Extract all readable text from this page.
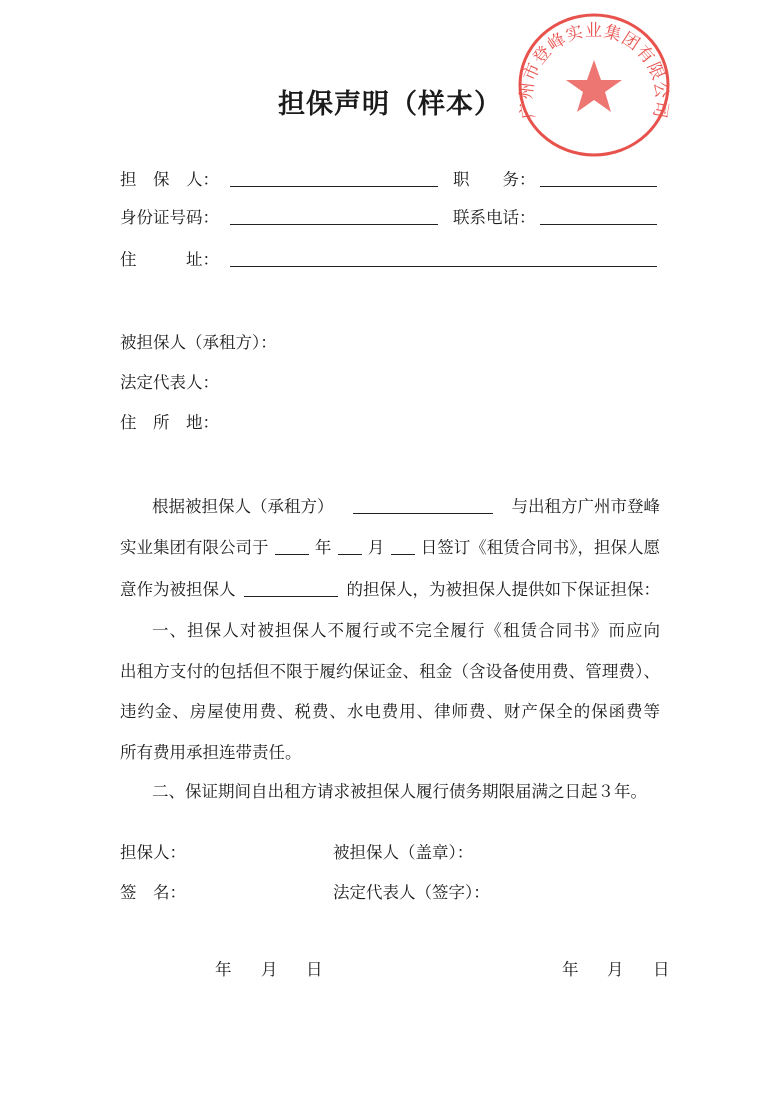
担保声明（样本）
担　保　人：	职　　务：
身份证号码：	联系电话：
住　　　址：
被担保人（承租方）：
法定代表人：
住　所　地：
根据被担保人（承租方）	与出租方广州市登峰
实业集团有限公司于	年 月 日签订《租赁合同书》，担保人愿
意作为被担保人	的担保人，为被担保人提供如下保证担保：
一、担保人对被担保人不履行或不完全履行《租赁合同书》而应向
出租方支付的包括但不限于履约保证金、租金（含设备使用费、管理费）、
违约金、房屋使用费、税费、水电费用、律师费、财产保全的保函费等
所有费用承担连带责任。
二、保证期间自出租方请求被担保人履行债务期限届满之日起３年。
担保人：	被担保人（盖章）：
签　名：	法定代表人（签字）：
年 月 日	年 月 日
广州市登峰实业集团有限公司
